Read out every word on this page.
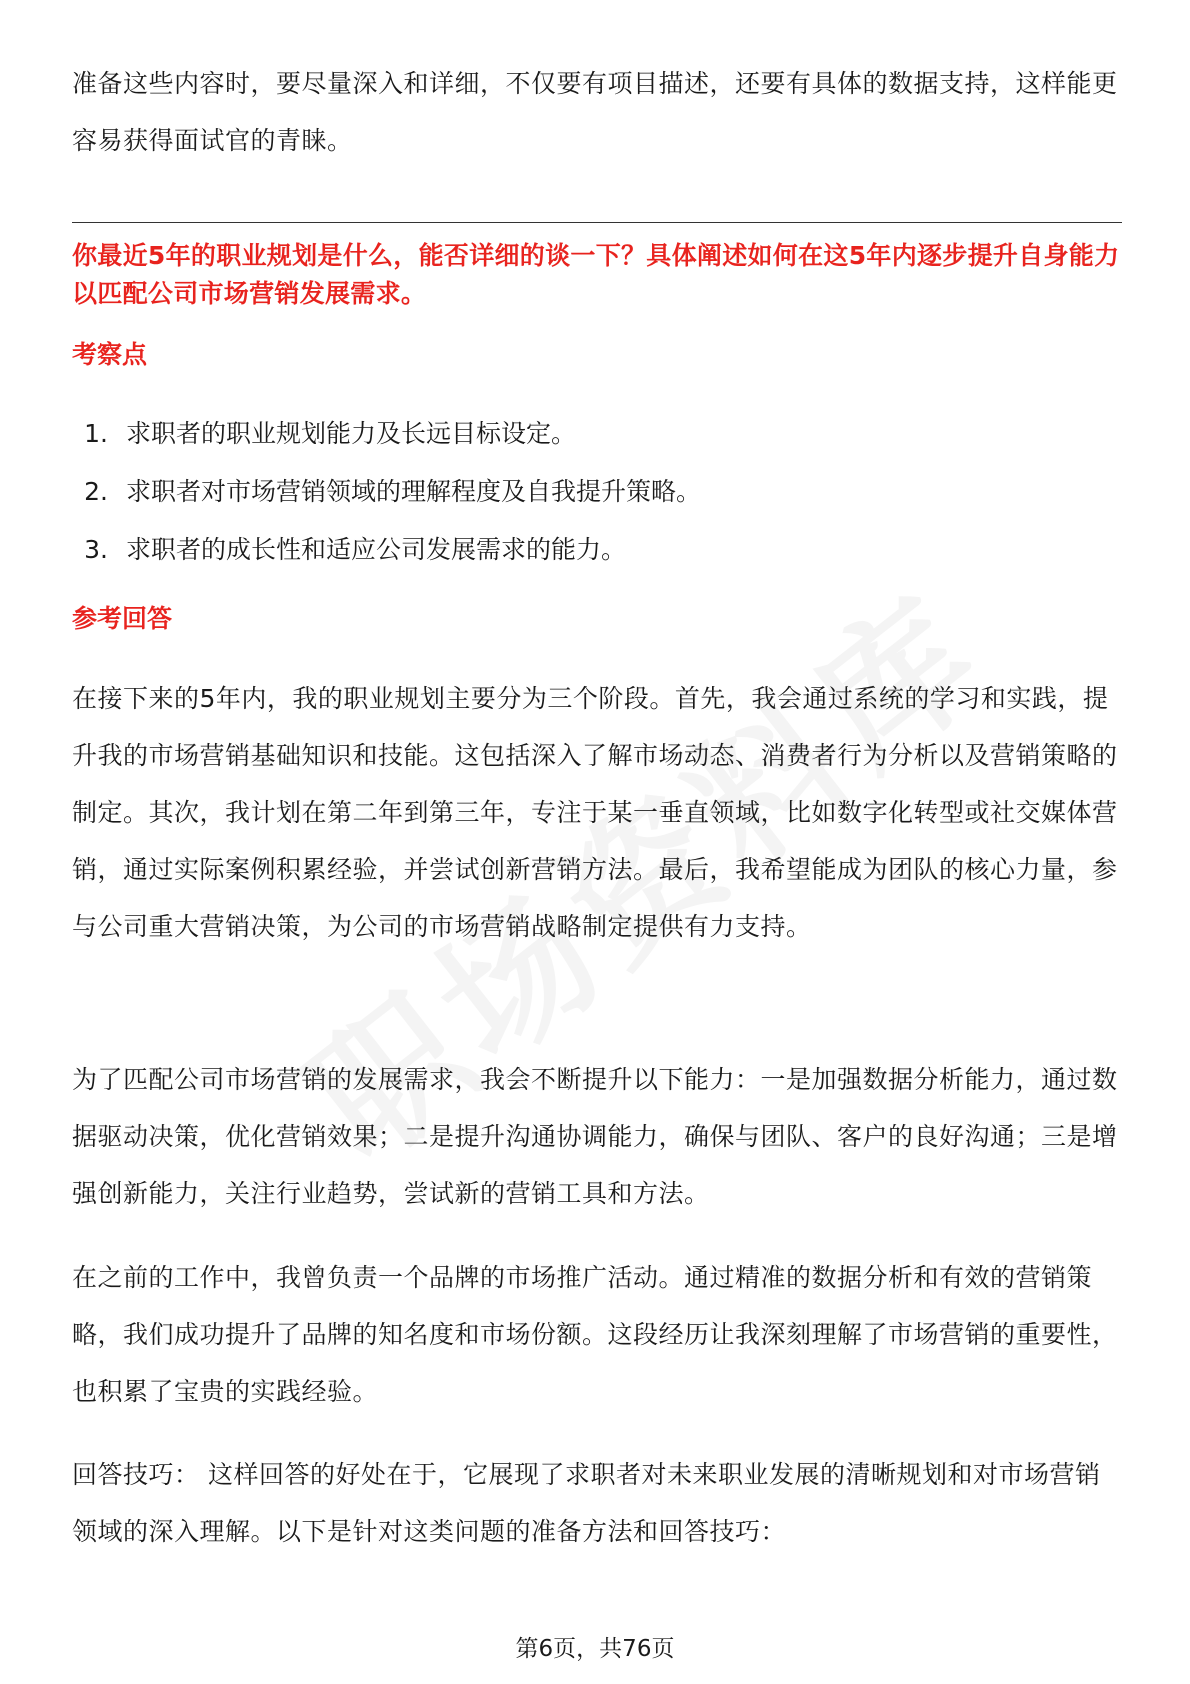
准备这些内容时，要尽量深入和详细，不仅要有项目描述，还要有具体的数据支持，这样能更容易获得面试官的青睐。

你最近5年的职业规划是什么，能否详细的谈一下？具体阐述如何在这5年内逐步提升自身能力以匹配公司市场营销发展需求。

考察点

1. 求职者的职业规划能力及长远目标设定。
2. 求职者对市场营销领域的理解程度及自我提升策略。
3. 求职者的成长性和适应公司发展需求的能力。

参考回答

在接下来的5年内，我的职业规划主要分为三个阶段。首先，我会通过系统的学习和实践，提升我的市场营销基础知识和技能。这包括深入了解市场动态、消费者行为分析以及营销策略的制定。其次，我计划在第二年到第三年，专注于某一垂直领域，比如数字化转型或社交媒体营销，通过实际案例积累经验，并尝试创新营销方法。最后，我希望能成为团队的核心力量，参与公司重大营销决策，为公司的市场营销战略制定提供有力支持。

为了匹配公司市场营销的发展需求，我会不断提升以下能力：一是加强数据分析能力，通过数据驱动决策，优化营销效果；二是提升沟通协调能力，确保与团队、客户的良好沟通；三是增强创新能力，关注行业趋势，尝试新的营销工具和方法。

在之前的工作中，我曾负责一个品牌的市场推广活动。通过精准的数据分析和有效的营销策略，我们成功提升了品牌的知名度和市场份额。这段经历让我深刻理解了市场营销的重要性，也积累了宝贵的实践经验。

回答技巧： 这样回答的好处在于，它展现了求职者对未来职业发展的清晰规划和对市场营销领域的深入理解。以下是针对这类问题的准备方法和回答技巧：

第6页，共76页
